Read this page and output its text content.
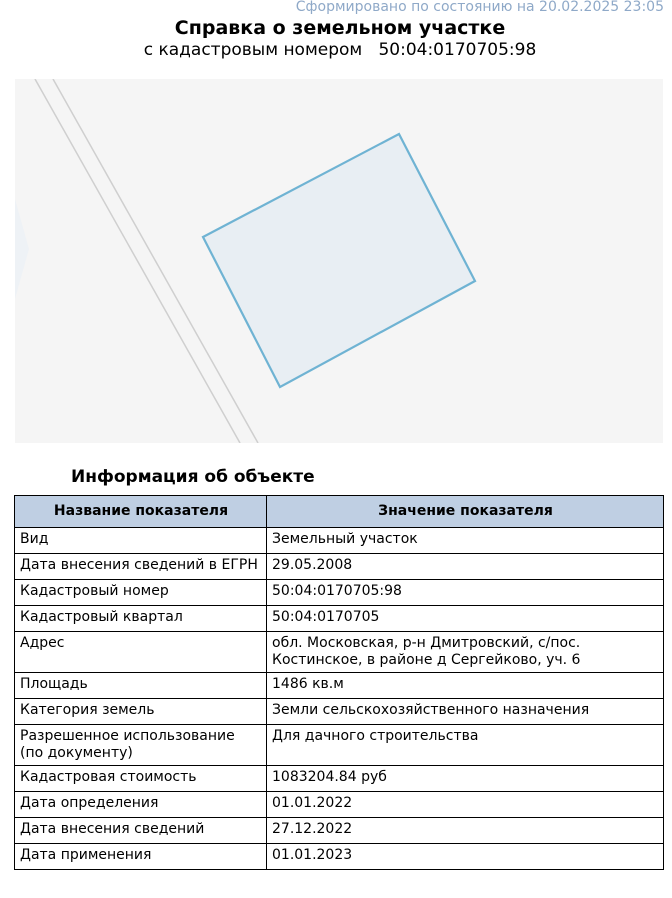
Сформировано по состоянию на 20.02.2025 23:05
Справка о земельном участке
с кадастровым номером   50:04:0170705:98
Информация об объекте
Название показателя	Значение показателя
Вид	Земельный участок
Дата внесения сведений в ЕГРН	29.05.2008
Кадастровый номер	50:04:0170705:98
Кадастровый квартал	50:04:0170705
Адрес	обл. Московская, р-н Дмитровский, с/пос. Костинское, в районе д Сергейково, уч. 6
Площадь	1486 кв.м
Категория земель	Земли сельскохозяйственного назначения
Разрешенное использование (по документу)	Для дачного строительства
Кадастровая стоимость	1083204.84 руб
Дата определения	01.01.2022
Дата внесения сведений	27.12.2022
Дата применения	01.01.2023
